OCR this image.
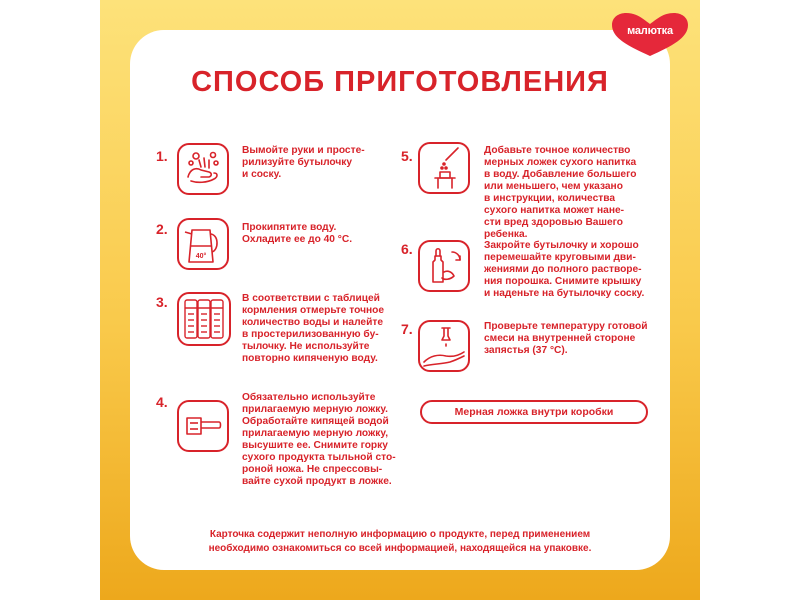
малютка
СПОСОБ ПРИГОТОВЛЕНИЯ
1.	Вымойте руки и просте-
рилизуйте бутылочку
и соску.
2.
40°
Прокипятите воду.
Охладите ее до 40 °С.
3.	В соответствии с таблицей
кормления отмерьте точное
количество воды и налейте
в простерилизованную бу-
тылочку. Не используйте
повторно кипяченую воду.
4.	Обязательно используйте
прилагаемую мерную ложку.
Обработайте кипящей водой
прилагаемую мерную ложку,
высушите ее. Снимите горку
сухого продукта тыльной сто-
роной ножа. Не спрессовы-
вайте сухой продукт в ложке.
5.	Добавьте точное количество
мерных ложек сухого напитка
в воду. Добавление большего
или меньшего, чем указано
в инструкции, количества
сухого напитка может нане-
сти вред здоровью Вашего
ребенка.
6.	Закройте бутылочку и хорошо
перемешайте круговыми дви-
жениями до полного растворе-
ния порошка. Снимите крышку
и наденьте на бутылочку соску.
7.	Проверьте температуру готовой
смеси на внутренней стороне
запястья (37 °С).
Мерная ложка внутри коробки
Карточка содержит неполную информацию о продукте, перед применением
необходимо ознакомиться со всей информацией, находящейся на упаковке.
